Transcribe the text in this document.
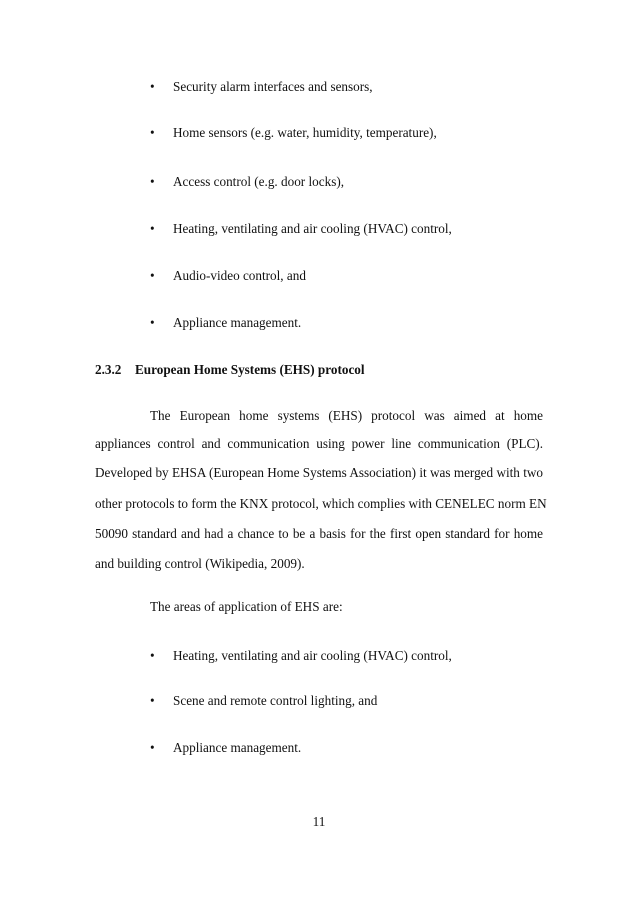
• Security alarm interfaces and sensors,
• Home sensors (e.g. water, humidity, temperature),
• Access control (e.g. door locks),
• Heating, ventilating and air cooling (HVAC) control,
• Audio-video control, and
• Appliance management.
2.3.2 European Home Systems (EHS) protocol
The European home systems (EHS) protocol was aimed at home
appliances control and communication using power line communication (PLC).
Developed by EHSA (European Home Systems Association) it was merged with two
other protocols to form the KNX protocol, which complies with CENELEC norm EN
50090 standard and had a chance to be a basis for the first open standard for home
and building control (Wikipedia, 2009).
The areas of application of EHS are:
• Heating, ventilating and air cooling (HVAC) control,
• Scene and remote control lighting, and
• Appliance management.
11
